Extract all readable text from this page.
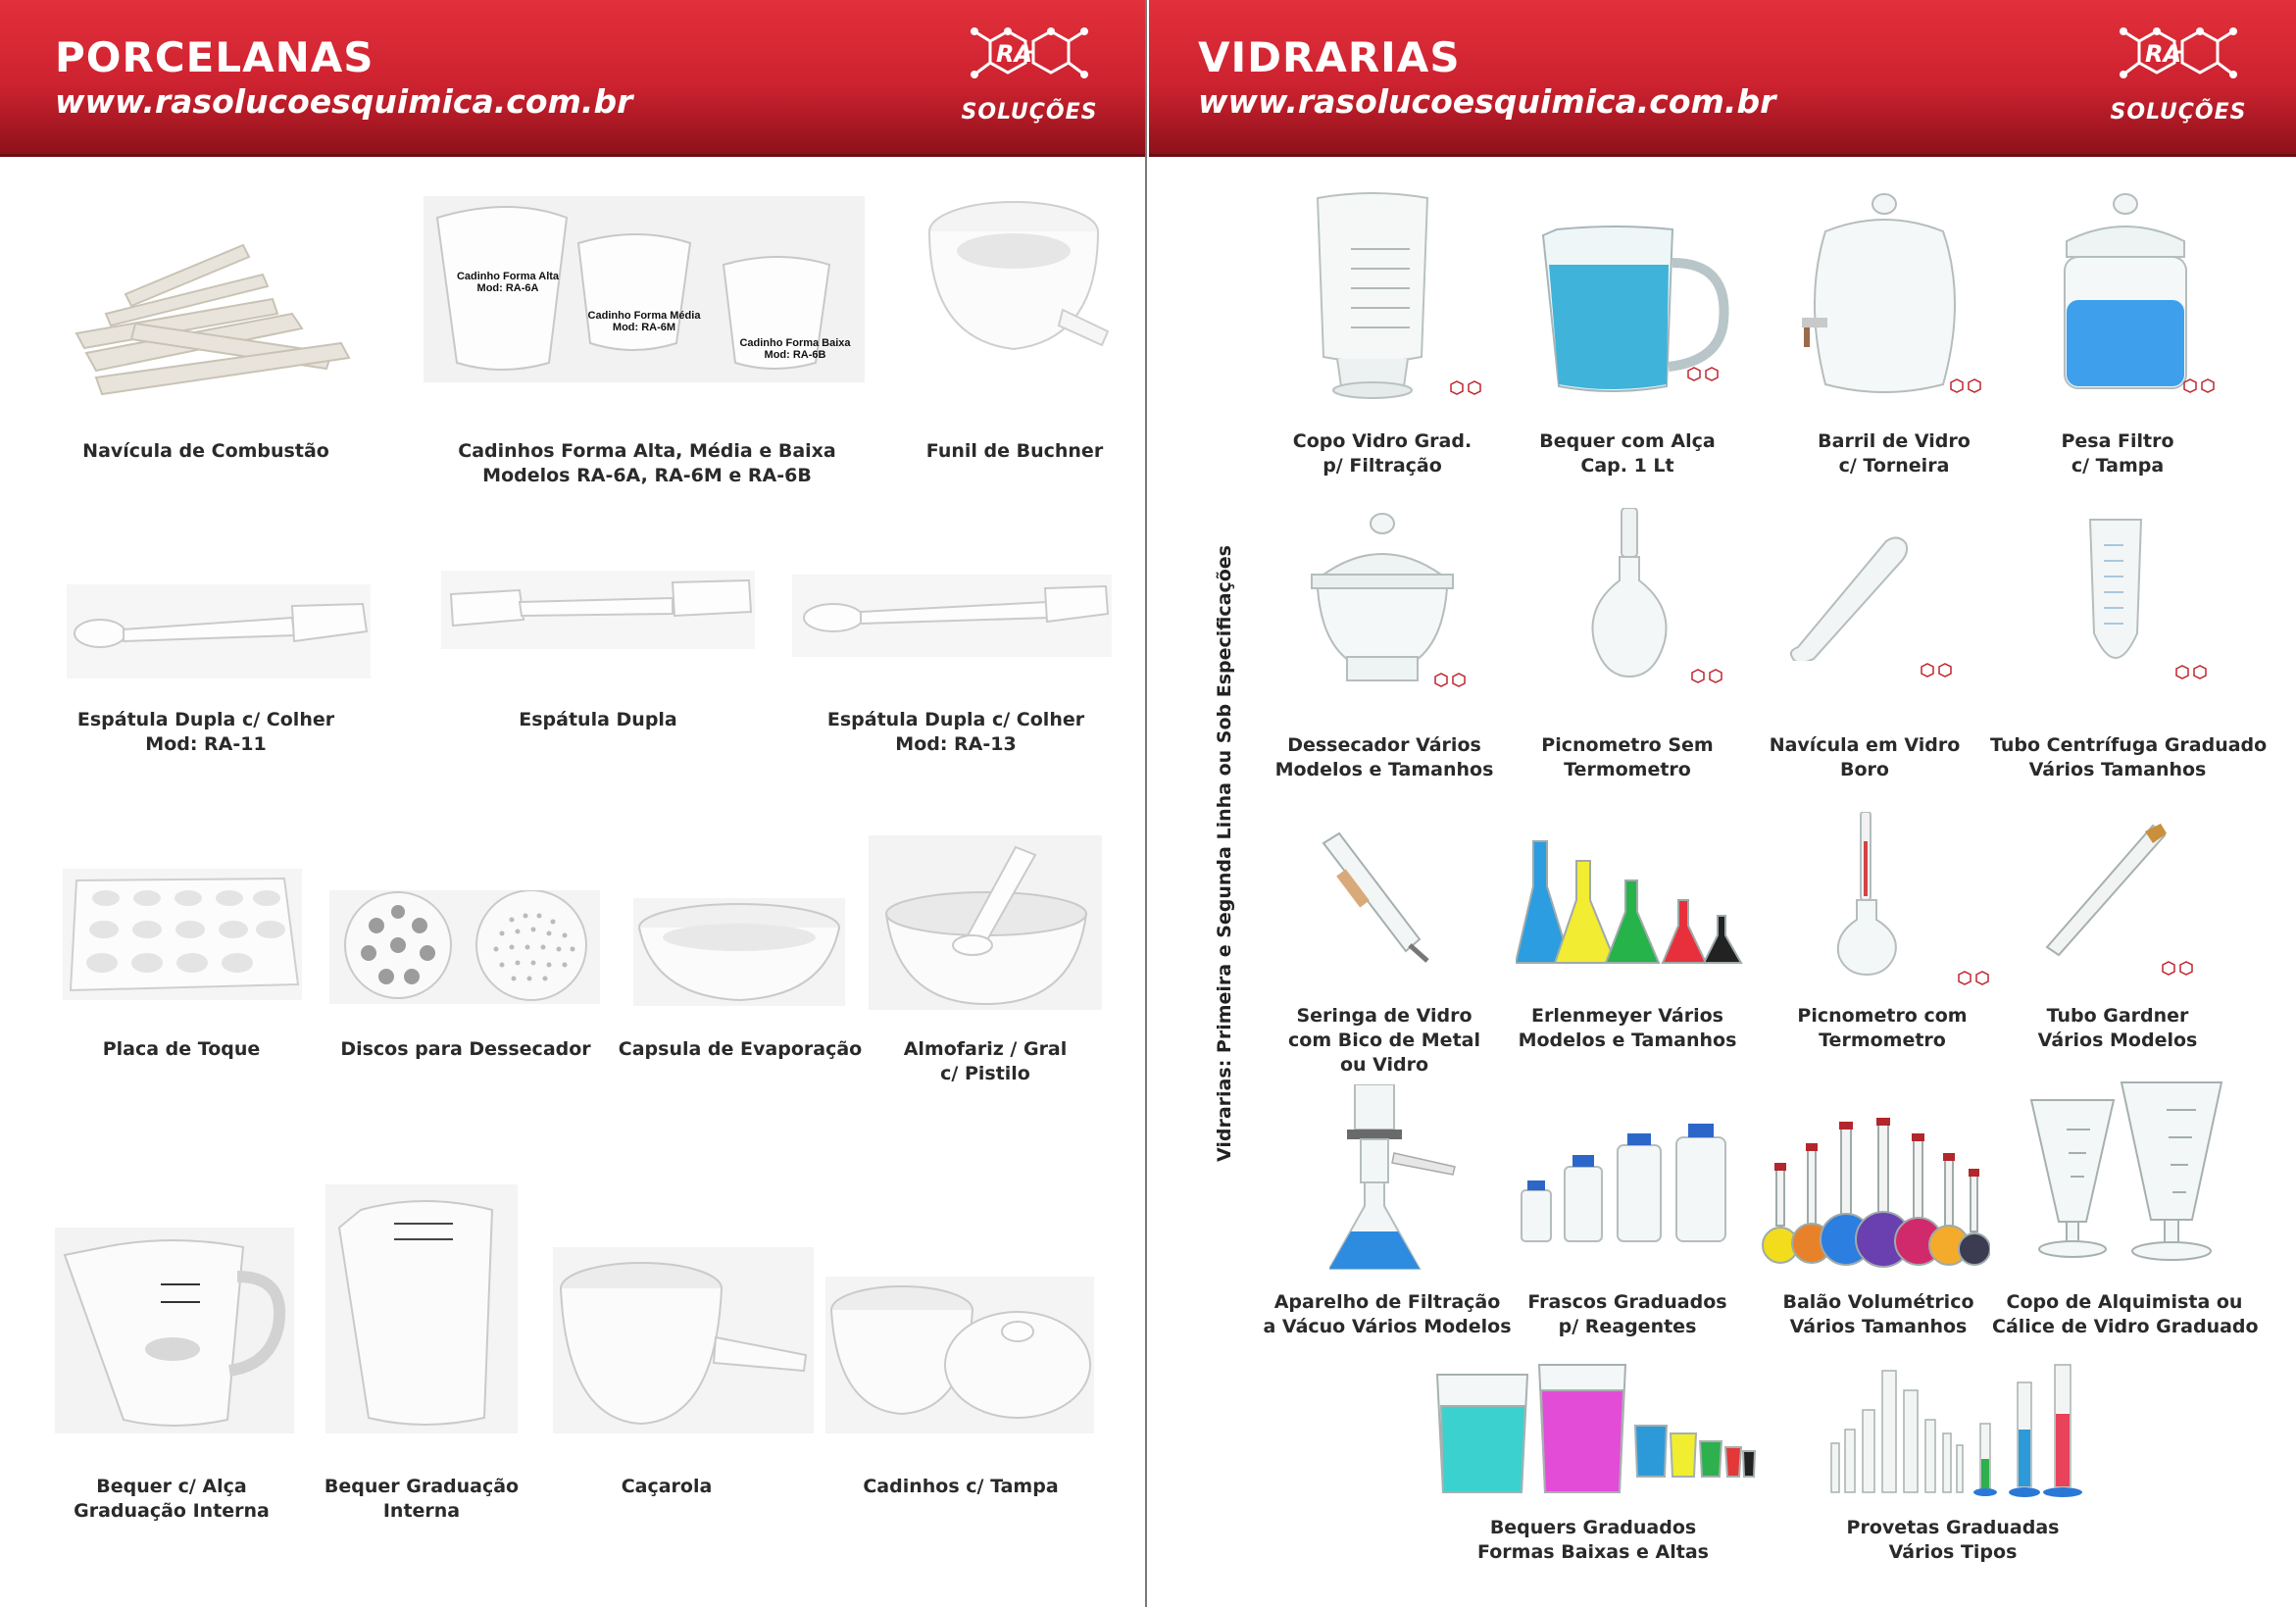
PORCELANAS
www.rasolucoesquimica.com.br
RA
SOLUÇÕES
Navícula de Combustão
Cadinho Forma Alta
Mod: RA-6A
Cadinho Forma Média
Mod: RA-6M
Cadinho Forma Baixa
Mod: RA-6B
Cadinhos Forma Alta, Média e Baixa
Modelos RA-6A, RA-6M e RA-6B
Funil de Buchner
Espátula Dupla c/ Colher
Mod: RA-11
Espátula Dupla	Espátula Dupla c/ Colher
Mod: RA-13
Placa de Toque	Discos para Dessecador	Capsula de Evaporação	Almofariz / Gral
c/ Pistilo
Bequer c/ Alça
Graduação Interna
Bequer Graduação
Interna
Caçarola	Cadinhos c/ Tampa
VIDRARIAS
www.rasolucoesquimica.com.br
RA
SOLUÇÕES
Vidrarias: Primeira e Segunda Linha ou Sob Especificações
Copo Vidro Grad.
p/ Filtração
Bequer com Alça
Cap. 1 Lt
Barril de Vidro
c/ Torneira
Pesa Filtro
c/ Tampa
Dessecador Vários
Modelos e Tamanhos
Picnometro Sem
Termometro
Navícula em Vidro
Boro
Tubo Centrífuga Graduado
Vários Tamanhos
Seringa de Vidro
com Bico de Metal
ou Vidro
Erlenmeyer Vários
Modelos e Tamanhos
Picnometro com
Termometro
Tubo Gardner
Vários Modelos
Aparelho de Filtração
a Vácuo Vários Modelos
Frascos Graduados
p/ Reagentes
Balão Volumétrico
Vários Tamanhos
Copo de Alquimista ou
Cálice de Vidro Graduado
Bequers Graduados
Formas Baixas e Altas
Provetas Graduadas
Vários Tipos
